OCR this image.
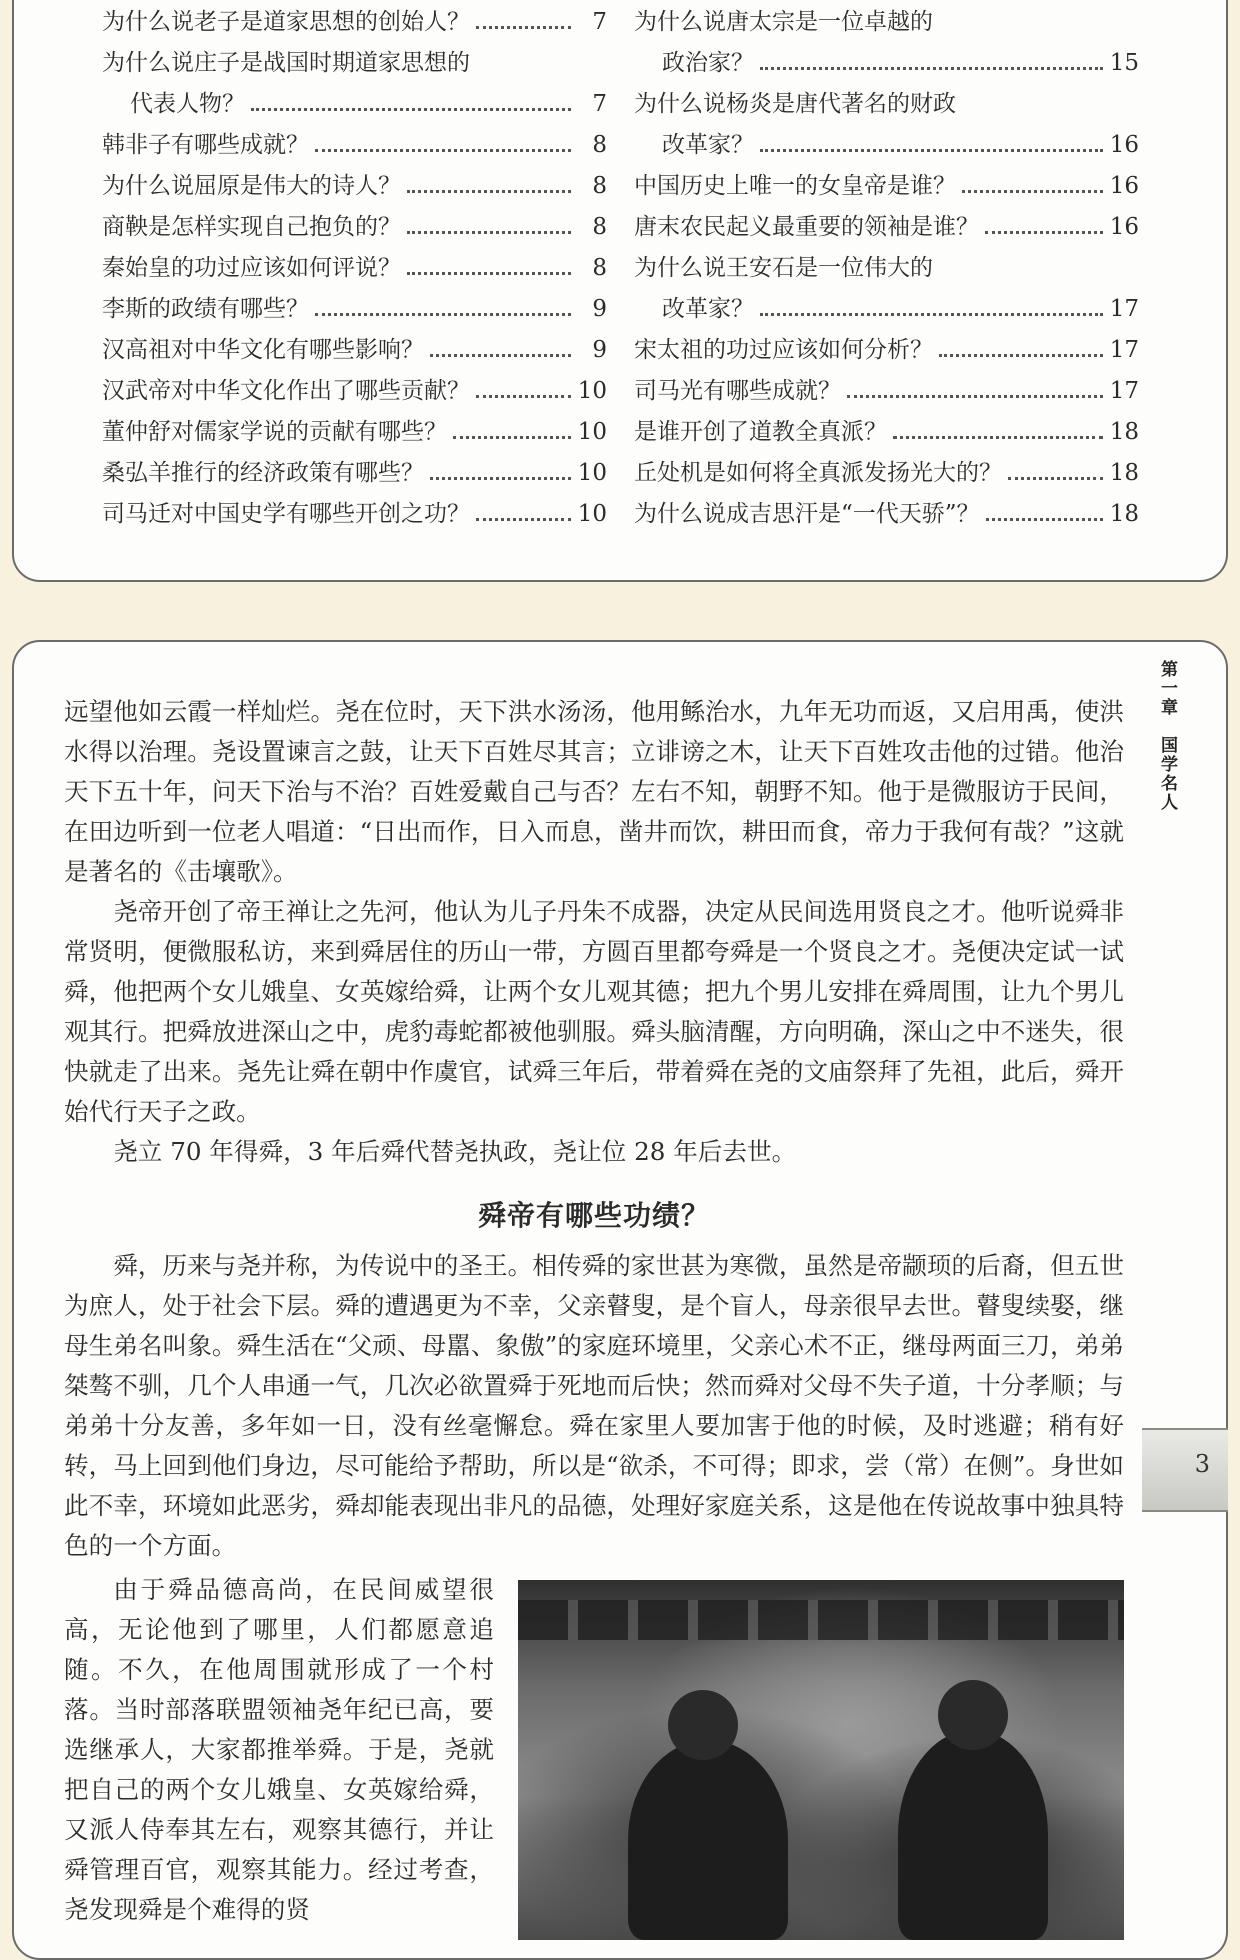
为什么说老子是道家思想的创始人？	7
为什么说庄子是战国时期道家思想的
代表人物？	7
韩非子有哪些成就？	8
为什么说屈原是伟大的诗人？	8
商鞅是怎样实现自己抱负的？	8
秦始皇的功过应该如何评说？	8
李斯的政绩有哪些？	9
汉高祖对中华文化有哪些影响？	9
汉武帝对中华文化作出了哪些贡献？	10
董仲舒对儒家学说的贡献有哪些？	10
桑弘羊推行的经济政策有哪些？	10
司马迁对中国史学有哪些开创之功？	10
为什么说唐太宗是一位卓越的
政治家？	15
为什么说杨炎是唐代著名的财政
改革家？	16
中国历史上唯一的女皇帝是谁？	16
唐末农民起义最重要的领袖是谁？	16
为什么说王安石是一位伟大的
改革家？	17
宋太祖的功过应该如何分析？	17
司马光有哪些成就？	17
是谁开创了道教全真派？	18
丘处机是如何将全真派发扬光大的？	18
为什么说成吉思汗是“一代天骄”？	18
第一章　国学名人
3

远望他如云霞一样灿烂。尧在位时，天下洪水汤汤，他用鲧治水，九年无功而返，又启用禹，使洪水得以治理。尧设置谏言之鼓，让天下百姓尽其言；立诽谤之木，让天下百姓攻击他的过错。他治天下五十年，问天下治与不治？百姓爱戴自己与否？左右不知，朝野不知。他于是微服访于民间，在田边听到一位老人唱道：“日出而作，日入而息，凿井而饮，耕田而食，帝力于我何有哉？”这就是著名的《击壤歌》。

尧帝开创了帝王禅让之先河，他认为儿子丹朱不成器，决定从民间选用贤良之才。他听说舜非常贤明，便微服私访，来到舜居住的历山一带，方圆百里都夸舜是一个贤良之才。尧便决定试一试舜，他把两个女儿娥皇、女英嫁给舜，让两个女儿观其德；把九个男儿安排在舜周围，让九个男儿观其行。把舜放进深山之中，虎豹毒蛇都被他驯服。舜头脑清醒，方向明确，深山之中不迷失，很快就走了出来。尧先让舜在朝中作虞官，试舜三年后，带着舜在尧的文庙祭拜了先祖，此后，舜开始代行天子之政。

尧立 70 年得舜，3 年后舜代替尧执政，尧让位 28 年后去世。

舜帝有哪些功绩？

舜，历来与尧并称，为传说中的圣王。相传舜的家世甚为寒微，虽然是帝颛顼的后裔，但五世为庶人，处于社会下层。舜的遭遇更为不幸，父亲瞽叟，是个盲人，母亲很早去世。瞽叟续娶，继母生弟名叫象。舜生活在“父顽、母嚚、象傲”的家庭环境里，父亲心术不正，继母两面三刀，弟弟桀骜不驯，几个人串通一气，几次必欲置舜于死地而后快；然而舜对父母不失子道，十分孝顺；与弟弟十分友善，多年如一日，没有丝毫懈怠。舜在家里人要加害于他的时候，及时逃避；稍有好转，马上回到他们身边，尽可能给予帮助，所以是“欲杀，不可得；即求，尝（常）在侧”。身世如此不幸，环境如此恶劣，舜却能表现出非凡的品德，处理好家庭关系，这是他在传说故事中独具特色的一个方面。

由于舜品德高尚，在民间威望很高，无论他到了哪里，人们都愿意追随。不久，在他周围就形成了一个村落。当时部落联盟领袖尧年纪已高，要选继承人，大家都推举舜。于是，尧就把自己的两个女儿娥皇、女英嫁给舜，又派人侍奉其左右，观察其德行，并让舜管理百官，观察其能力。经过考查，尧发现舜是个难得的贤
